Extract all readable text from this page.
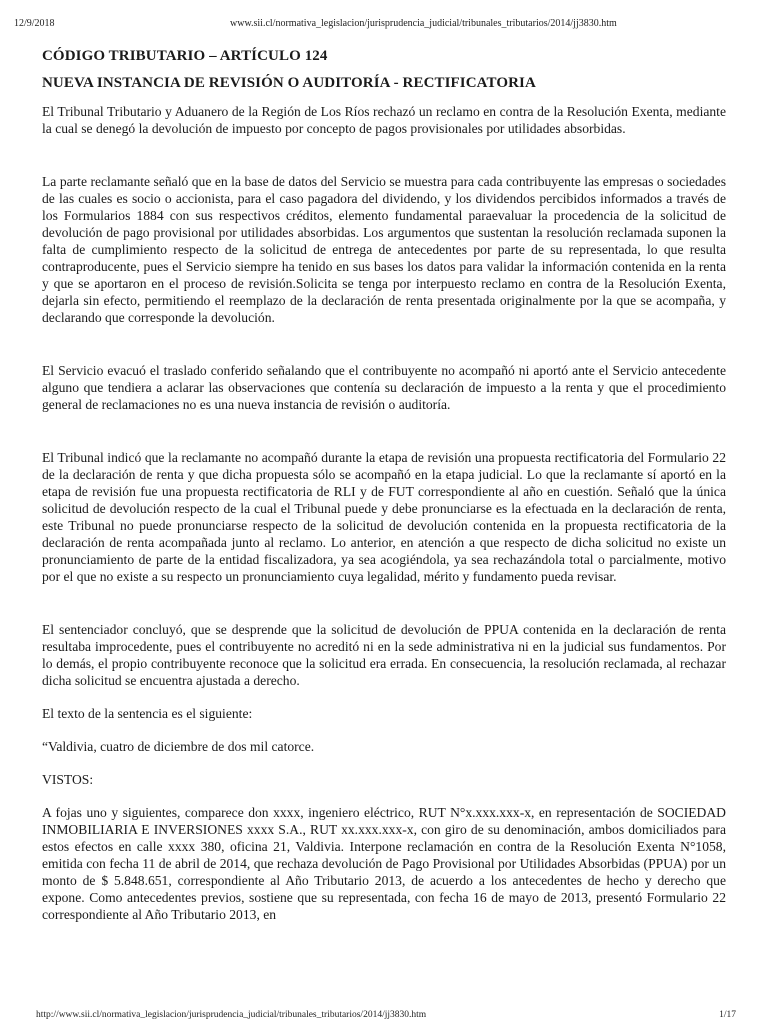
12/9/2018	www.sii.cl/normativa_legislacion/jurisprudencia_judicial/tribunales_tributarios/2014/jj3830.htm
CÓDIGO TRIBUTARIO – ARTÍCULO 124
NUEVA INSTANCIA DE REVISIÓN O AUDITORÍA - RECTIFICATORIA

El Tribunal Tributario y Aduanero de la Región de Los Ríos rechazó un reclamo en contra de la Resolución Exenta, mediante la cual se denegó la devolución de impuesto por concepto de pagos provisionales por utilidades absorbidas.

La parte reclamante señaló que en la base de datos del Servicio se muestra para cada contribuyente las empresas o sociedades de las cuales es socio o accionista, para el caso pagadora del dividendo, y los dividendos percibidos informados a través de los Formularios 1884 con sus respectivos créditos, elemento fundamental paraevaluar la procedencia de la solicitud de devolución de pago provisional por utilidades absorbidas. Los argumentos que sustentan la resolución reclamada suponen la falta de cumplimiento respecto de la solicitud de entrega de antecedentes por parte de su representada, lo que resulta contraproducente, pues el Servicio siempre ha tenido en sus bases los datos para validar la información contenida en la renta y que se aportaron en el proceso de revisión.Solicita se tenga por interpuesto reclamo en contra de la Resolución Exenta, dejarla sin efecto, permitiendo el reemplazo de la declaración de renta presentada originalmente por la que se acompaña, y declarando que corresponde la devolución.

El Servicio evacuó el traslado conferido señalando que el contribuyente no acompañó ni aportó ante el Servicio antecedente alguno que tendiera a aclarar las observaciones que contenía su declaración de impuesto a la renta y que el procedimiento general de reclamaciones no es una nueva instancia de revisión o auditoría.

El Tribunal indicó que la reclamante no acompañó durante la etapa de revisión una propuesta rectificatoria del Formulario 22 de la declaración de renta y que dicha propuesta sólo se acompañó en la etapa judicial. Lo que la reclamante sí aportó en la etapa de revisión fue una propuesta rectificatoria de RLI y de FUT correspondiente al año en cuestión. Señaló que la única solicitud de devolución respecto de la cual el Tribunal puede y debe pronunciarse es la efectuada en la declaración de renta, este Tribunal no puede pronunciarse respecto de la solicitud de devolución contenida en la propuesta rectificatoria de la declaración de renta acompañada junto al reclamo. Lo anterior, en atención a que respecto de dicha solicitud no existe un pronunciamiento de parte de la entidad fiscalizadora, ya sea acogiéndola, ya sea rechazándola total o parcialmente, motivo por el que no existe a su respecto un pronunciamiento cuya legalidad, mérito y fundamento pueda revisar.

El sentenciador concluyó, que se desprende que la solicitud de devolución de PPUA contenida en la declaración de renta resultaba improcedente, pues el contribuyente no acreditó ni en la sede administrativa ni en la judicial sus fundamentos. Por lo demás, el propio contribuyente reconoce que la solicitud era errada. En consecuencia, la resolución reclamada, al rechazar dicha solicitud se encuentra ajustada a derecho.

El texto de la sentencia es el siguiente:

“Valdivia, cuatro de diciembre de dos mil catorce.

VISTOS:

A fojas uno y siguientes, comparece don xxxx, ingeniero eléctrico, RUT N°x.xxx.xxx-x, en representación de SOCIEDAD INMOBILIARIA E INVERSIONES xxxx S.A., RUT xx.xxx.xxx-x, con giro de su denominación, ambos domiciliados para estos efectos en calle xxxx 380, oficina 21, Valdivia. Interpone reclamación en contra de la Resolución Exenta N°1058, emitida con fecha 11 de abril de 2014, que rechaza devolución de Pago Provisional por Utilidades Absorbidas (PPUA) por un monto de $ 5.848.651, correspondiente al Año Tributario 2013, de acuerdo a los antecedentes de hecho y derecho que expone. Como antecedentes previos, sostiene que su representada, con fecha 16 de mayo de 2013, presentó Formulario 22 correspondiente al Año Tributario 2013, en

http://www.sii.cl/normativa_legislacion/jurisprudencia_judicial/tribunales_tributarios/2014/jj3830.htm	1/17
